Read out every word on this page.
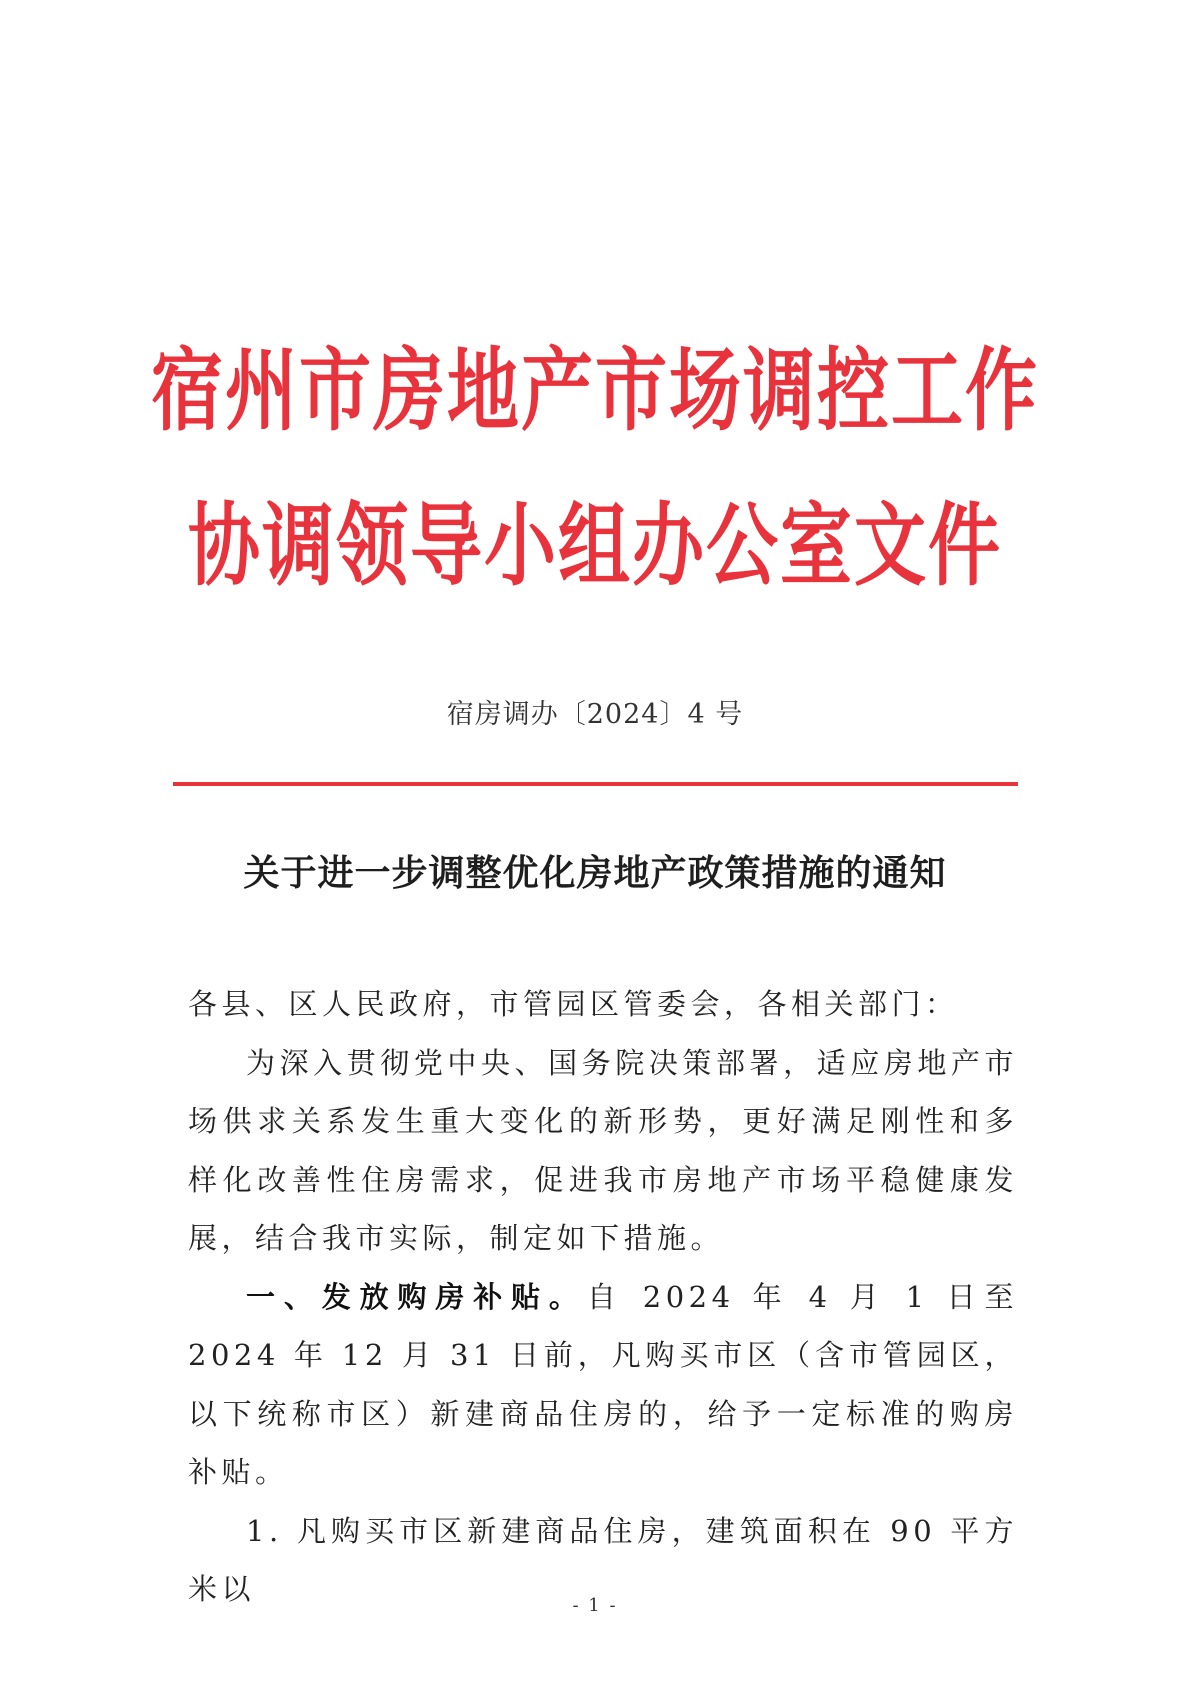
宿州市房地产市场调控工作
协调领导小组办公室文件
宿房调办〔2024〕4 号
关于进一步调整优化房地产政策措施的通知

各县、区人民政府，市管园区管委会，各相关部门：

为深入贯彻党中央、国务院决策部署，适应房地产市场供求关系发生重大变化的新形势，更好满足刚性和多样化改善性住房需求，促进我市房地产市场平稳健康发展，结合我市实际，制定如下措施。

一、发放购房补贴。自 2024 年 4 月 1 日至 2024 年 12 月 31 日前，凡购买市区（含市管园区，以下统称市区）新建商品住房的，给予一定标准的购房补贴。

1. 凡购买市区新建商品住房，建筑面积在 90 平方米以	- 1 -
